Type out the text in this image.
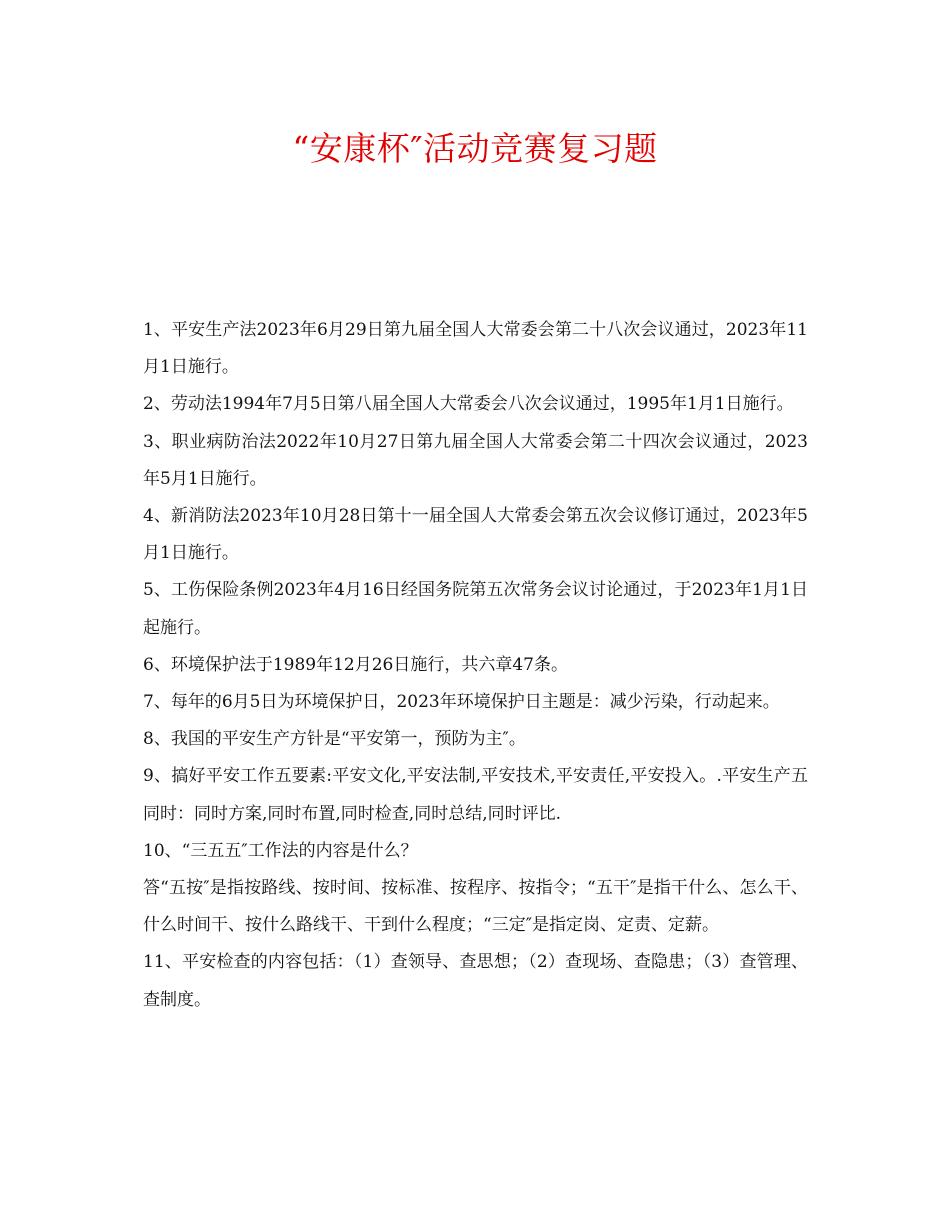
“安康杯″活动竞赛复习题

1、平安生产法2023年6月29日第九届全国人大常委会第二十八次会议通过，2023年11月1日施行。

2、劳动法1994年7月5日第八届全国人大常委会八次会议通过，1995年1月1日施行。

3、职业病防治法2022年10月27日第九届全国人大常委会第二十四次会议通过，2023年5月1日施行。

4、新消防法2023年10月28日第十一届全国人大常委会第五次会议修订通过，2023年5月1日施行。

5、工伤保险条例2023年4月16日经国务院第五次常务会议讨论通过，于2023年1月1日起施行。

6、环境保护法于1989年12月26日施行，共六章47条。

7、每年的6月5日为环境保护日，2023年环境保护日主题是：减少污染，行动起来。

8、我国的平安生产方针是“平安第一，预防为主″。

9、搞好平安工作五要素:平安文化,平安法制,平安技术,平安责任,平安投入。.平安生产五同时：同时方案,同时布置,同时检查,同时总结,同时评比.

10、“三五五″工作法的内容是什么？

答“五按″是指按路线、按时间、按标准、按程序、按指令；“五干″是指干什么、怎么干、什么时间干、按什么路线干、干到什么程度；“三定″是指定岗、定责、定薪。

11、平安检查的内容包括：（1）查领导、查思想；（2）查现场、查隐患；（3）查管理、查制度。
